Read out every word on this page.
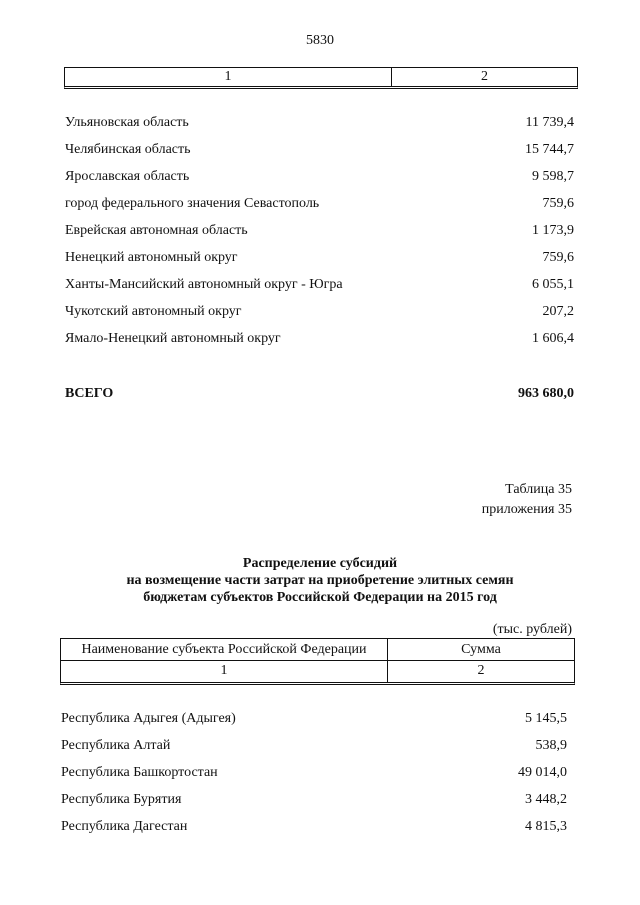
5830
1	2
Ульяновская область	11 739,4
Челябинская область	15 744,7
Ярославская область	9 598,7
город федерального значения Севастополь	759,6
Еврейская автономная область	1 173,9
Ненецкий автономный округ	759,6
Ханты-Мансийский автономный округ - Югра	6 055,1
Чукотский автономный округ	207,2
Ямало-Ненецкий автономный округ	1 606,4
ВСЕГО	963 680,0
Таблица 35
приложения 35
Распределение субсидий
на возмещение части затрат на приобретение элитных семян
бюджетам субъектов Российской Федерации на 2015 год
(тыс. рублей)
Наименование субъекта Российской Федерации	Сумма
1	2
Республика Адыгея (Адыгея)	5 145,5
Республика Алтай	538,9
Республика Башкортостан	49 014,0
Республика Бурятия	3 448,2
Республика Дагестан	4 815,3
